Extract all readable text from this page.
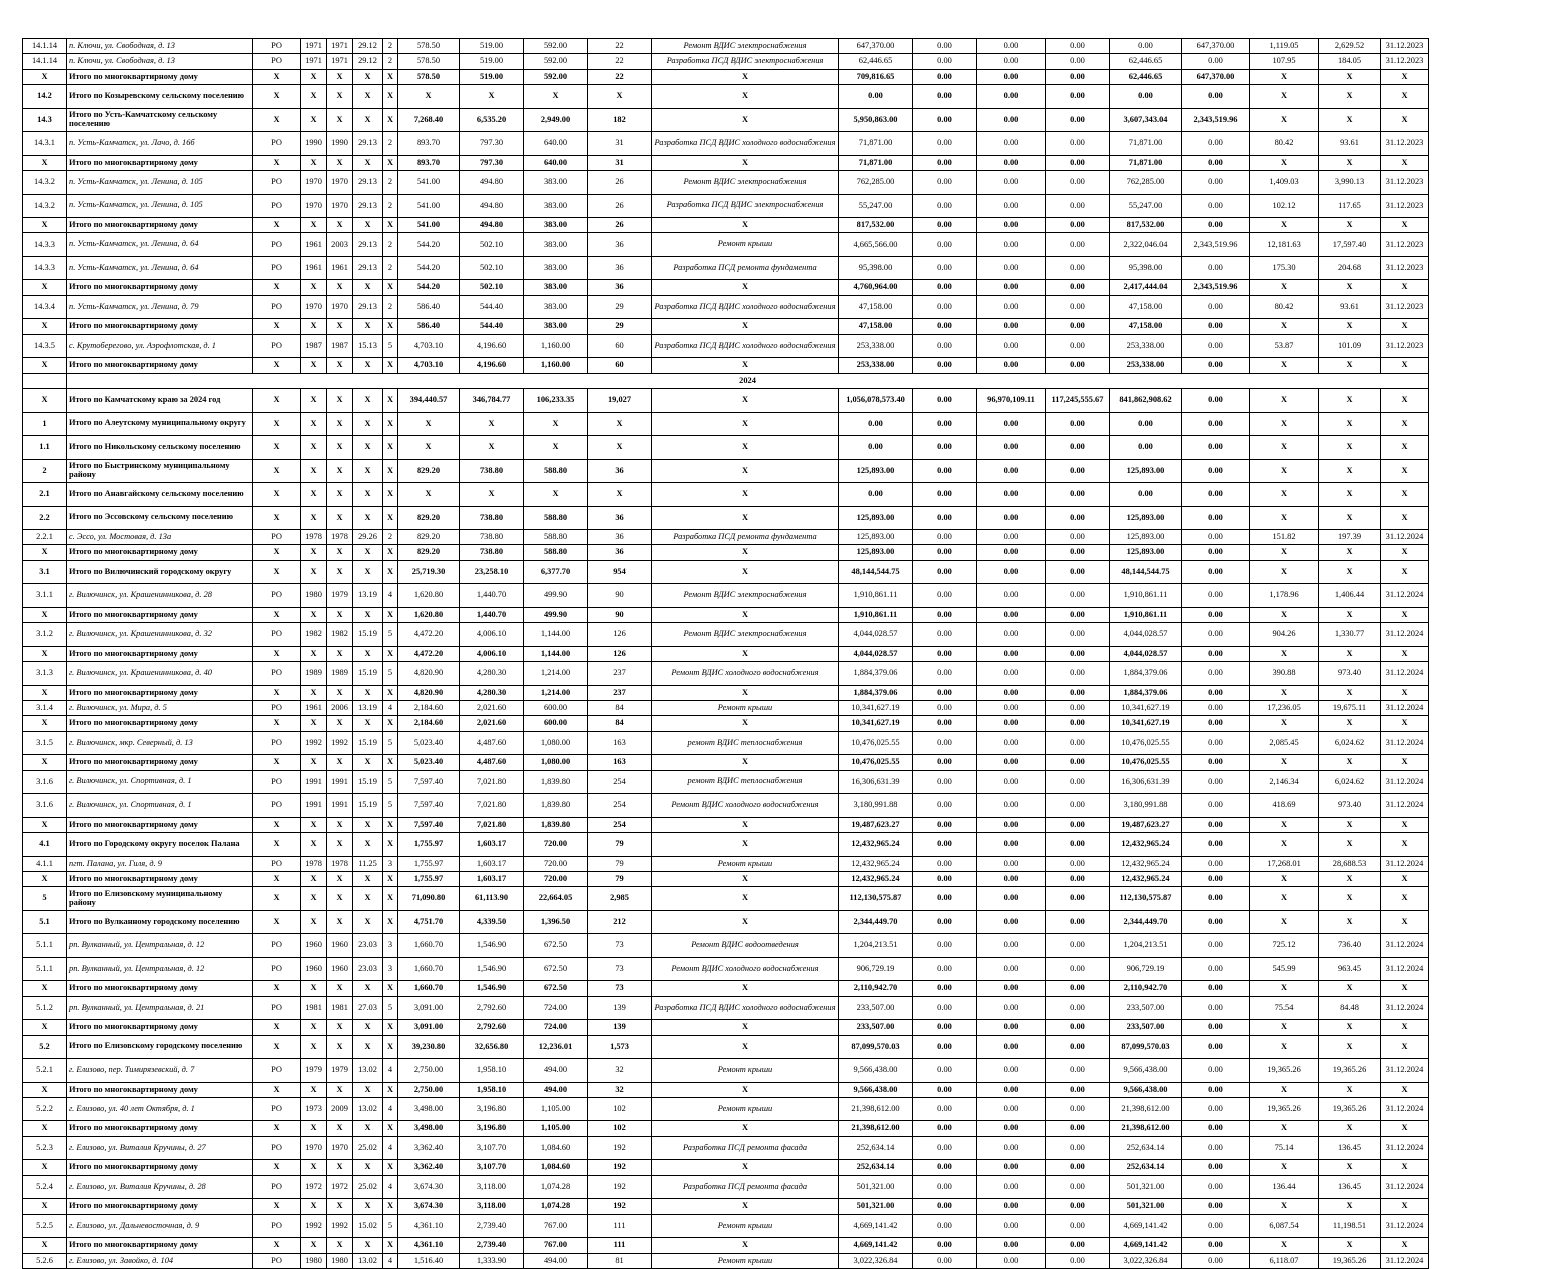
14.1.14	п. Ключи, ул. Свободная, д. 13	РО	1971	1971	29.12	2	578.50	519.00	592.00	22	Ремонт ВДИС электроснабжения	647,370.00	0.00	0.00	0.00	0.00	647,370.00	1,119.05	2,629.52	31.12.2023
14.1.14	п. Ключи, ул. Свободная, д. 13	РО	1971	1971	29.12	2	578.50	519.00	592.00	22	Разработка ПСД ВДИС электроснабжения	62,446.65	0.00	0.00	0.00	62,446.65	0.00	107.95	184.05	31.12.2023
X	Итого по многоквартирному дому	X	X	X	X	X	578.50	519.00	592.00	22	X	709,816.65	0.00	0.00	0.00	62,446.65	647,370.00	X	X	X
14.2	Итого по Козыревскому сельскому поселению	X	X	X	X	X	X	X	X	X	X	0.00	0.00	0.00	0.00	0.00	0.00	X	X	X
14.3	Итого по Усть-Камчатскому сельскому поселению	X	X	X	X	X	7,268.40	6,535.20	2,949.00	182	X	5,950,863.00	0.00	0.00	0.00	3,607,343.04	2,343,519.96	X	X	X
14.3.1	п. Усть-Камчатск, ул. Лачо, д. 16б	РО	1990	1990	29.13	2	893.70	797.30	640.00	31	Разработка ПСД ВДИС холодного водоснабжения	71,871.00	0.00	0.00	0.00	71,871.00	0.00	80.42	93.61	31.12.2023
X	Итого по многоквартирному дому	X	X	X	X	X	893.70	797.30	640.00	31	X	71,871.00	0.00	0.00	0.00	71,871.00	0.00	X	X	X
14.3.2	п. Усть-Камчатск, ул. Ленина, д. 105	РО	1970	1970	29.13	2	541.00	494.80	383.00	26	Ремонт ВДИС электроснабжения	762,285.00	0.00	0.00	0.00	762,285.00	0.00	1,409.03	3,990.13	31.12.2023
14.3.2	п. Усть-Камчатск, ул. Ленина, д. 105	РО	1970	1970	29.13	2	541.00	494.80	383.00	26	Разработка ПСД ВДИС электроснабжения	55,247.00	0.00	0.00	0.00	55,247.00	0.00	102.12	117.65	31.12.2023
X	Итого по многоквартирному дому	X	X	X	X	X	541.00	494.80	383.00	26	X	817,532.00	0.00	0.00	0.00	817,532.00	0.00	X	X	X
14.3.3	п. Усть-Камчатск, ул. Ленина, д. 64	РО	1961	2003	29.13	2	544.20	502.10	383.00	36	Ремонт крыши	4,665,566.00	0.00	0.00	0.00	2,322,046.04	2,343,519.96	12,181.63	17,597.40	31.12.2023
14.3.3	п. Усть-Камчатск, ул. Ленина, д. 64	РО	1961	1961	29.13	2	544.20	502.10	383.00	36	Разработка ПСД ремонта фундамента	95,398.00	0.00	0.00	0.00	95,398.00	0.00	175.30	204.68	31.12.2023
X	Итого по многоквартирному дому	X	X	X	X	X	544.20	502.10	383.00	36	X	4,760,964.00	0.00	0.00	0.00	2,417,444.04	2,343,519.96	X	X	X
14.3.4	п. Усть-Камчатск, ул. Ленина, д. 79	РО	1970	1970	29.13	2	586.40	544.40	383.00	29	Разработка ПСД ВДИС холодного водоснабжения	47,158.00	0.00	0.00	0.00	47,158.00	0.00	80.42	93.61	31.12.2023
X	Итого по многоквартирному дому	X	X	X	X	X	586.40	544.40	383.00	29	X	47,158.00	0.00	0.00	0.00	47,158.00	0.00	X	X	X
14.3.5	с. Крутоберегово, ул. Аэрофлотская, д. 1	РО	1987	1987	15.13	5	4,703.10	4,196.60	1,160.00	60	Разработка ПСД ВДИС холодного водоснабжения	253,338.00	0.00	0.00	0.00	253,338.00	0.00	53.87	101.09	31.12.2023
X	Итого по многоквартирному дому	X	X	X	X	X	4,703.10	4,196.60	1,160.00	60	X	253,338.00	0.00	0.00	0.00	253,338.00	0.00	X	X	X
	2024																			
X	Итого по Камчатскому краю за 2024 год	X	X	X	X	X	394,440.57	346,784.77	106,233.35	19,027	X	1,056,078,573.40	0.00	96,970,109.11	117,245,555.67	841,862,908.62	0.00	X	X	X
1	Итого по Алеутскому муниципальному округу	X	X	X	X	X	X	X	X	X	X	0.00	0.00	0.00	0.00	0.00	0.00	X	X	X
1.1	Итого по Никольскому сельскому поселению	X	X	X	X	X	X	X	X	X	X	0.00	0.00	0.00	0.00	0.00	0.00	X	X	X
2	Итого по Быстринскому муниципальному району	X	X	X	X	X	829.20	738.80	588.80	36	X	125,893.00	0.00	0.00	0.00	125,893.00	0.00	X	X	X
2.1	Итого по Анавгайскому сельскому поселению	X	X	X	X	X	X	X	X	X	X	0.00	0.00	0.00	0.00	0.00	0.00	X	X	X
2.2	Итого по Эссовскому сельскому поселению	X	X	X	X	X	829.20	738.80	588.80	36	X	125,893.00	0.00	0.00	0.00	125,893.00	0.00	X	X	X
2.2.1	с. Эссо, ул. Мостовая, д. 13а	РО	1978	1978	29.26	2	829.20	738.80	588.80	36	Разработка ПСД ремонта фундамента	125,893.00	0.00	0.00	0.00	125,893.00	0.00	151.82	197.39	31.12.2024
X	Итого по многоквартирному дому	X	X	X	X	X	829.20	738.80	588.80	36	X	125,893.00	0.00	0.00	0.00	125,893.00	0.00	X	X	X
3.1	Итого по Вилючинский городскому округу	X	X	X	X	X	25,719.30	23,258.10	6,377.70	954	X	48,144,544.75	0.00	0.00	0.00	48,144,544.75	0.00	X	X	X
3.1.1	г. Вилючинск, ул. Крашенинникова, д. 28	РО	1980	1979	13.19	4	1,620.80	1,440.70	499.90	90	Ремонт ВДИС электроснабжения	1,910,861.11	0.00	0.00	0.00	1,910,861.11	0.00	1,178.96	1,406.44	31.12.2024
X	Итого по многоквартирному дому	X	X	X	X	X	1,620.80	1,440.70	499.90	90	X	1,910,861.11	0.00	0.00	0.00	1,910,861.11	0.00	X	X	X
3.1.2	г. Вилючинск, ул. Крашенинникова, д. 32	РО	1982	1982	15.19	5	4,472.20	4,006.10	1,144.00	126	Ремонт ВДИС электроснабжения	4,044,028.57	0.00	0.00	0.00	4,044,028.57	0.00	904.26	1,330.77	31.12.2024
X	Итого по многоквартирному дому	X	X	X	X	X	4,472.20	4,006.10	1,144.00	126	X	4,044,028.57	0.00	0.00	0.00	4,044,028.57	0.00	X	X	X
3.1.3	г. Вилючинск, ул. Крашенинникова, д. 40	РО	1989	1989	15.19	5	4,820.90	4,280.30	1,214.00	237	Ремонт ВДИС холодного водоснабжения	1,884,379.06	0.00	0.00	0.00	1,884,379.06	0.00	390.88	973.40	31.12.2024
X	Итого по многоквартирному дому	X	X	X	X	X	4,820.90	4,280.30	1,214.00	237	X	1,884,379.06	0.00	0.00	0.00	1,884,379.06	0.00	X	X	X
3.1.4	г. Вилючинск, ул. Мира, д. 5	РО	1961	2006	13.19	4	2,184.60	2,021.60	600.00	84	Ремонт крыши	10,341,627.19	0.00	0.00	0.00	10,341,627.19	0.00	17,236.05	19,675.11	31.12.2024
X	Итого по многоквартирному дому	X	X	X	X	X	2,184.60	2,021.60	600.00	84	X	10,341,627.19	0.00	0.00	0.00	10,341,627.19	0.00	X	X	X
3.1.5	г. Вилючинск, мкр. Северный, д. 13	РО	1992	1992	15.19	5	5,023.40	4,487.60	1,080.00	163	ремонт ВДИС теплоснабжения	10,476,025.55	0.00	0.00	0.00	10,476,025.55	0.00	2,085.45	6,024.62	31.12.2024
X	Итого по многоквартирному дому	X	X	X	X	X	5,023.40	4,487.60	1,080.00	163	X	10,476,025.55	0.00	0.00	0.00	10,476,025.55	0.00	X	X	X
3.1.6	г. Вилючинск, ул. Спортивная, д. 1	РО	1991	1991	15.19	5	7,597.40	7,021.80	1,839.80	254	ремонт ВДИС теплоснабжения	16,306,631.39	0.00	0.00	0.00	16,306,631.39	0.00	2,146.34	6,024.62	31.12.2024
3.1.6	г. Вилючинск, ул. Спортивная, д. 1	РО	1991	1991	15.19	5	7,597.40	7,021.80	1,839.80	254	Ремонт ВДИС холодного водоснабжения	3,180,991.88	0.00	0.00	0.00	3,180,991.88	0.00	418.69	973.40	31.12.2024
X	Итого по многоквартирному дому	X	X	X	X	X	7,597.40	7,021.80	1,839.80	254	X	19,487,623.27	0.00	0.00	0.00	19,487,623.27	0.00	X	X	X
4.1	Итого по Городскому округу поселок Палана	X	X	X	X	X	1,755.97	1,603.17	720.00	79	X	12,432,965.24	0.00	0.00	0.00	12,432,965.24	0.00	X	X	X
4.1.1	пгт. Палана, ул. Гиля, д. 9	РО	1978	1978	11.25	3	1,755.97	1,603.17	720.00	79	Ремонт крыши	12,432,965.24	0.00	0.00	0.00	12,432,965.24	0.00	17,268.01	28,688.53	31.12.2024
X	Итого по многоквартирному дому	X	X	X	X	X	1,755.97	1,603.17	720.00	79	X	12,432,965.24	0.00	0.00	0.00	12,432,965.24	0.00	X	X	X
5	Итого по Елизовскому муниципальному району	X	X	X	X	X	71,090.80	61,113.90	22,664.05	2,985	X	112,130,575.87	0.00	0.00	0.00	112,130,575.87	0.00	X	X	X
5.1	Итого по Вулканному городскому поселению	X	X	X	X	X	4,751.70	4,339.50	1,396.50	212	X	2,344,449.70	0.00	0.00	0.00	2,344,449.70	0.00	X	X	X
5.1.1	рп. Вулканный, ул. Центральная, д. 12	РО	1960	1960	23.03	3	1,660.70	1,546.90	672.50	73	Ремонт ВДИС водоотведения	1,204,213.51	0.00	0.00	0.00	1,204,213.51	0.00	725.12	736.40	31.12.2024
5.1.1	рп. Вулканный, ул. Центральная, д. 12	РО	1960	1960	23.03	3	1,660.70	1,546.90	672.50	73	Ремонт ВДИС холодного водоснабжения	906,729.19	0.00	0.00	0.00	906,729.19	0.00	545.99	963.45	31.12.2024
X	Итого по многоквартирному дому	X	X	X	X	X	1,660.70	1,546.90	672.50	73	X	2,110,942.70	0.00	0.00	0.00	2,110,942.70	0.00	X	X	X
5.1.2	рп. Вулканный, ул. Центральная, д. 21	РО	1981	1981	27.03	5	3,091.00	2,792.60	724.00	139	Разработка ПСД ВДИС холодного водоснабжения	233,507.00	0.00	0.00	0.00	233,507.00	0.00	75.54	84.48	31.12.2024
X	Итого по многоквартирному дому	X	X	X	X	X	3,091.00	2,792.60	724.00	139	X	233,507.00	0.00	0.00	0.00	233,507.00	0.00	X	X	X
5.2	Итого по Елизовскому городскому поселению	X	X	X	X	X	39,230.80	32,656.80	12,236.01	1,573	X	87,099,570.03	0.00	0.00	0.00	87,099,570.03	0.00	X	X	X
5.2.1	г. Елизово, пер. Тимирязевский, д. 7	РО	1979	1979	13.02	4	2,750.00	1,958.10	494.00	32	Ремонт крыши	9,566,438.00	0.00	0.00	0.00	9,566,438.00	0.00	19,365.26	19,365.26	31.12.2024
X	Итого по многоквартирному дому	X	X	X	X	X	2,750.00	1,958.10	494.00	32	X	9,566,438.00	0.00	0.00	0.00	9,566,438.00	0.00	X	X	X
5.2.2	г. Елизово, ул. 40 лет Октября, д. 1	РО	1973	2009	13.02	4	3,498.00	3,196.80	1,105.00	102	Ремонт крыши	21,398,612.00	0.00	0.00	0.00	21,398,612.00	0.00	19,365.26	19,365.26	31.12.2024
X	Итого по многоквартирному дому	X	X	X	X	X	3,498.00	3,196.80	1,105.00	102	X	21,398,612.00	0.00	0.00	0.00	21,398,612.00	0.00	X	X	X
5.2.3	г. Елизово, ул. Виталия Кручины, д. 27	РО	1970	1970	25.02	4	3,362.40	3,107.70	1,084.60	192	Разработка ПСД ремонта фасада	252,634.14	0.00	0.00	0.00	252,634.14	0.00	75.14	136.45	31.12.2024
X	Итого по многоквартирному дому	X	X	X	X	X	3,362.40	3,107.70	1,084.60	192	X	252,634.14	0.00	0.00	0.00	252,634.14	0.00	X	X	X
5.2.4	г. Елизово, ул. Виталия Кручины, д. 28	РО	1972	1972	25.02	4	3,674.30	3,118.00	1,074.28	192	Разработка ПСД ремонта фасада	501,321.00	0.00	0.00	0.00	501,321.00	0.00	136.44	136.45	31.12.2024
X	Итого по многоквартирному дому	X	X	X	X	X	3,674.30	3,118.00	1,074.28	192	X	501,321.00	0.00	0.00	0.00	501,321.00	0.00	X	X	X
5.2.5	г. Елизово, ул. Дальневосточная, д. 9	РО	1992	1992	15.02	5	4,361.10	2,739.40	767.00	111	Ремонт крыши	4,669,141.42	0.00	0.00	0.00	4,669,141.42	0.00	6,087.54	11,198.51	31.12.2024
X	Итого по многоквартирному дому	X	X	X	X	X	4,361.10	2,739.40	767.00	111	X	4,669,141.42	0.00	0.00	0.00	4,669,141.42	0.00	X	X	X
5.2.6	г. Елизово, ул. Завойко, д. 104	РО	1980	1980	13.02	4	1,516.40	1,333.90	494.00	81	Ремонт крыши	3,022,326.84	0.00	0.00	0.00	3,022,326.84	0.00	6,118.07	19,365.26	31.12.2024
